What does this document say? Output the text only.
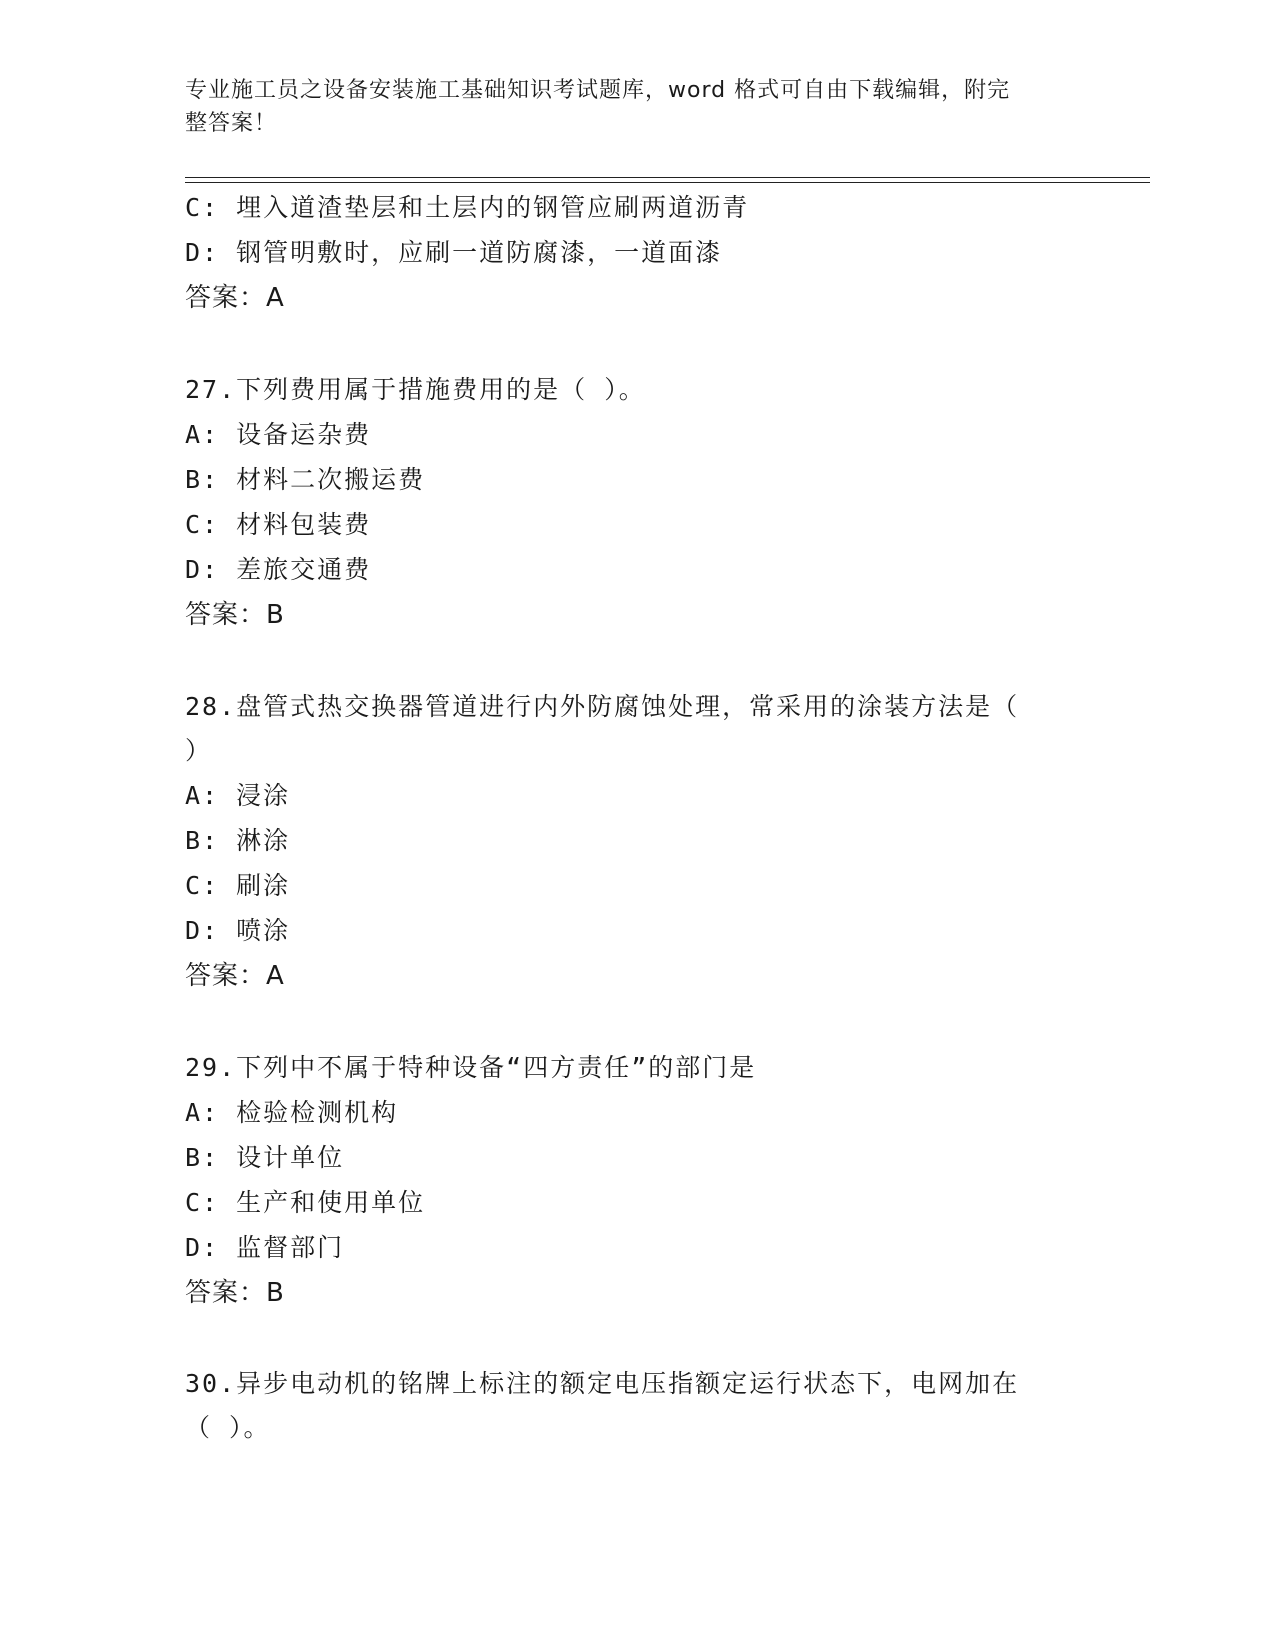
专业施工员之设备安装施工基础知识考试题库，word 格式可自由下载编辑，附完
整答案！
C: 埋入道渣垫层和土层内的钢管应刷两道沥青
D: 钢管明敷时，应刷一道防腐漆，一道面漆
答案：A
27.下列费用属于措施费用的是（ ）。
A: 设备运杂费
B: 材料二次搬运费
C: 材料包装费
D: 差旅交通费
答案：B
28.盘管式热交换器管道进行内外防腐蚀处理，常采用的涂装方法是（
）
A: 浸涂
B: 淋涂
C: 刷涂
D: 喷涂
答案：A
29.下列中不属于特种设备“四方责任”的部门是
A: 检验检测机构
B: 设计单位
C: 生产和使用单位
D: 监督部门
答案：B
30.异步电动机的铭牌上标注的额定电压指额定运行状态下，电网加在
（ ）。
